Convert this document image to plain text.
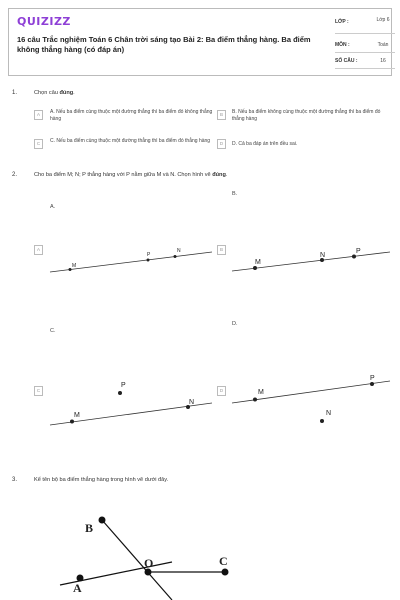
QUIZIZZ
16 câu Trắc nghiệm Toán 6 Chân trời sáng tạo Bài 2: Ba điểm thẳng hàng. Ba điểm không thẳng hàng (có đáp án)
LỚP :	Lớp 6
MÔN :	Toán
SỐ CÂU :	16
1.	Chọn câu đúng.
A	A. Nếu ba điểm cùng thuộc một đường thẳng thì ba điểm đó không thẳng hàng
B	B. Nếu ba điểm không cùng thuộc một đường thẳng thì ba điểm đó thẳng hàng
C	C. Nếu ba điểm cùng thuộc một đường thẳng thì ba điểm đó thẳng hàng	D	D. Cả ba đáp án trên đều sai.
2.	Cho ba điểm M; N; P thẳng hàng với P nằm giữa M và N. Chọn hình vẽ đúng.
A.
A
M
P
N
B.
B
M
N
P
C.
C
P
M
N
D.
D	M
P
N
3.	Kể tên bộ ba điểm thẳng hàng trong hình vẽ dưới đây.
B
O	C
A
